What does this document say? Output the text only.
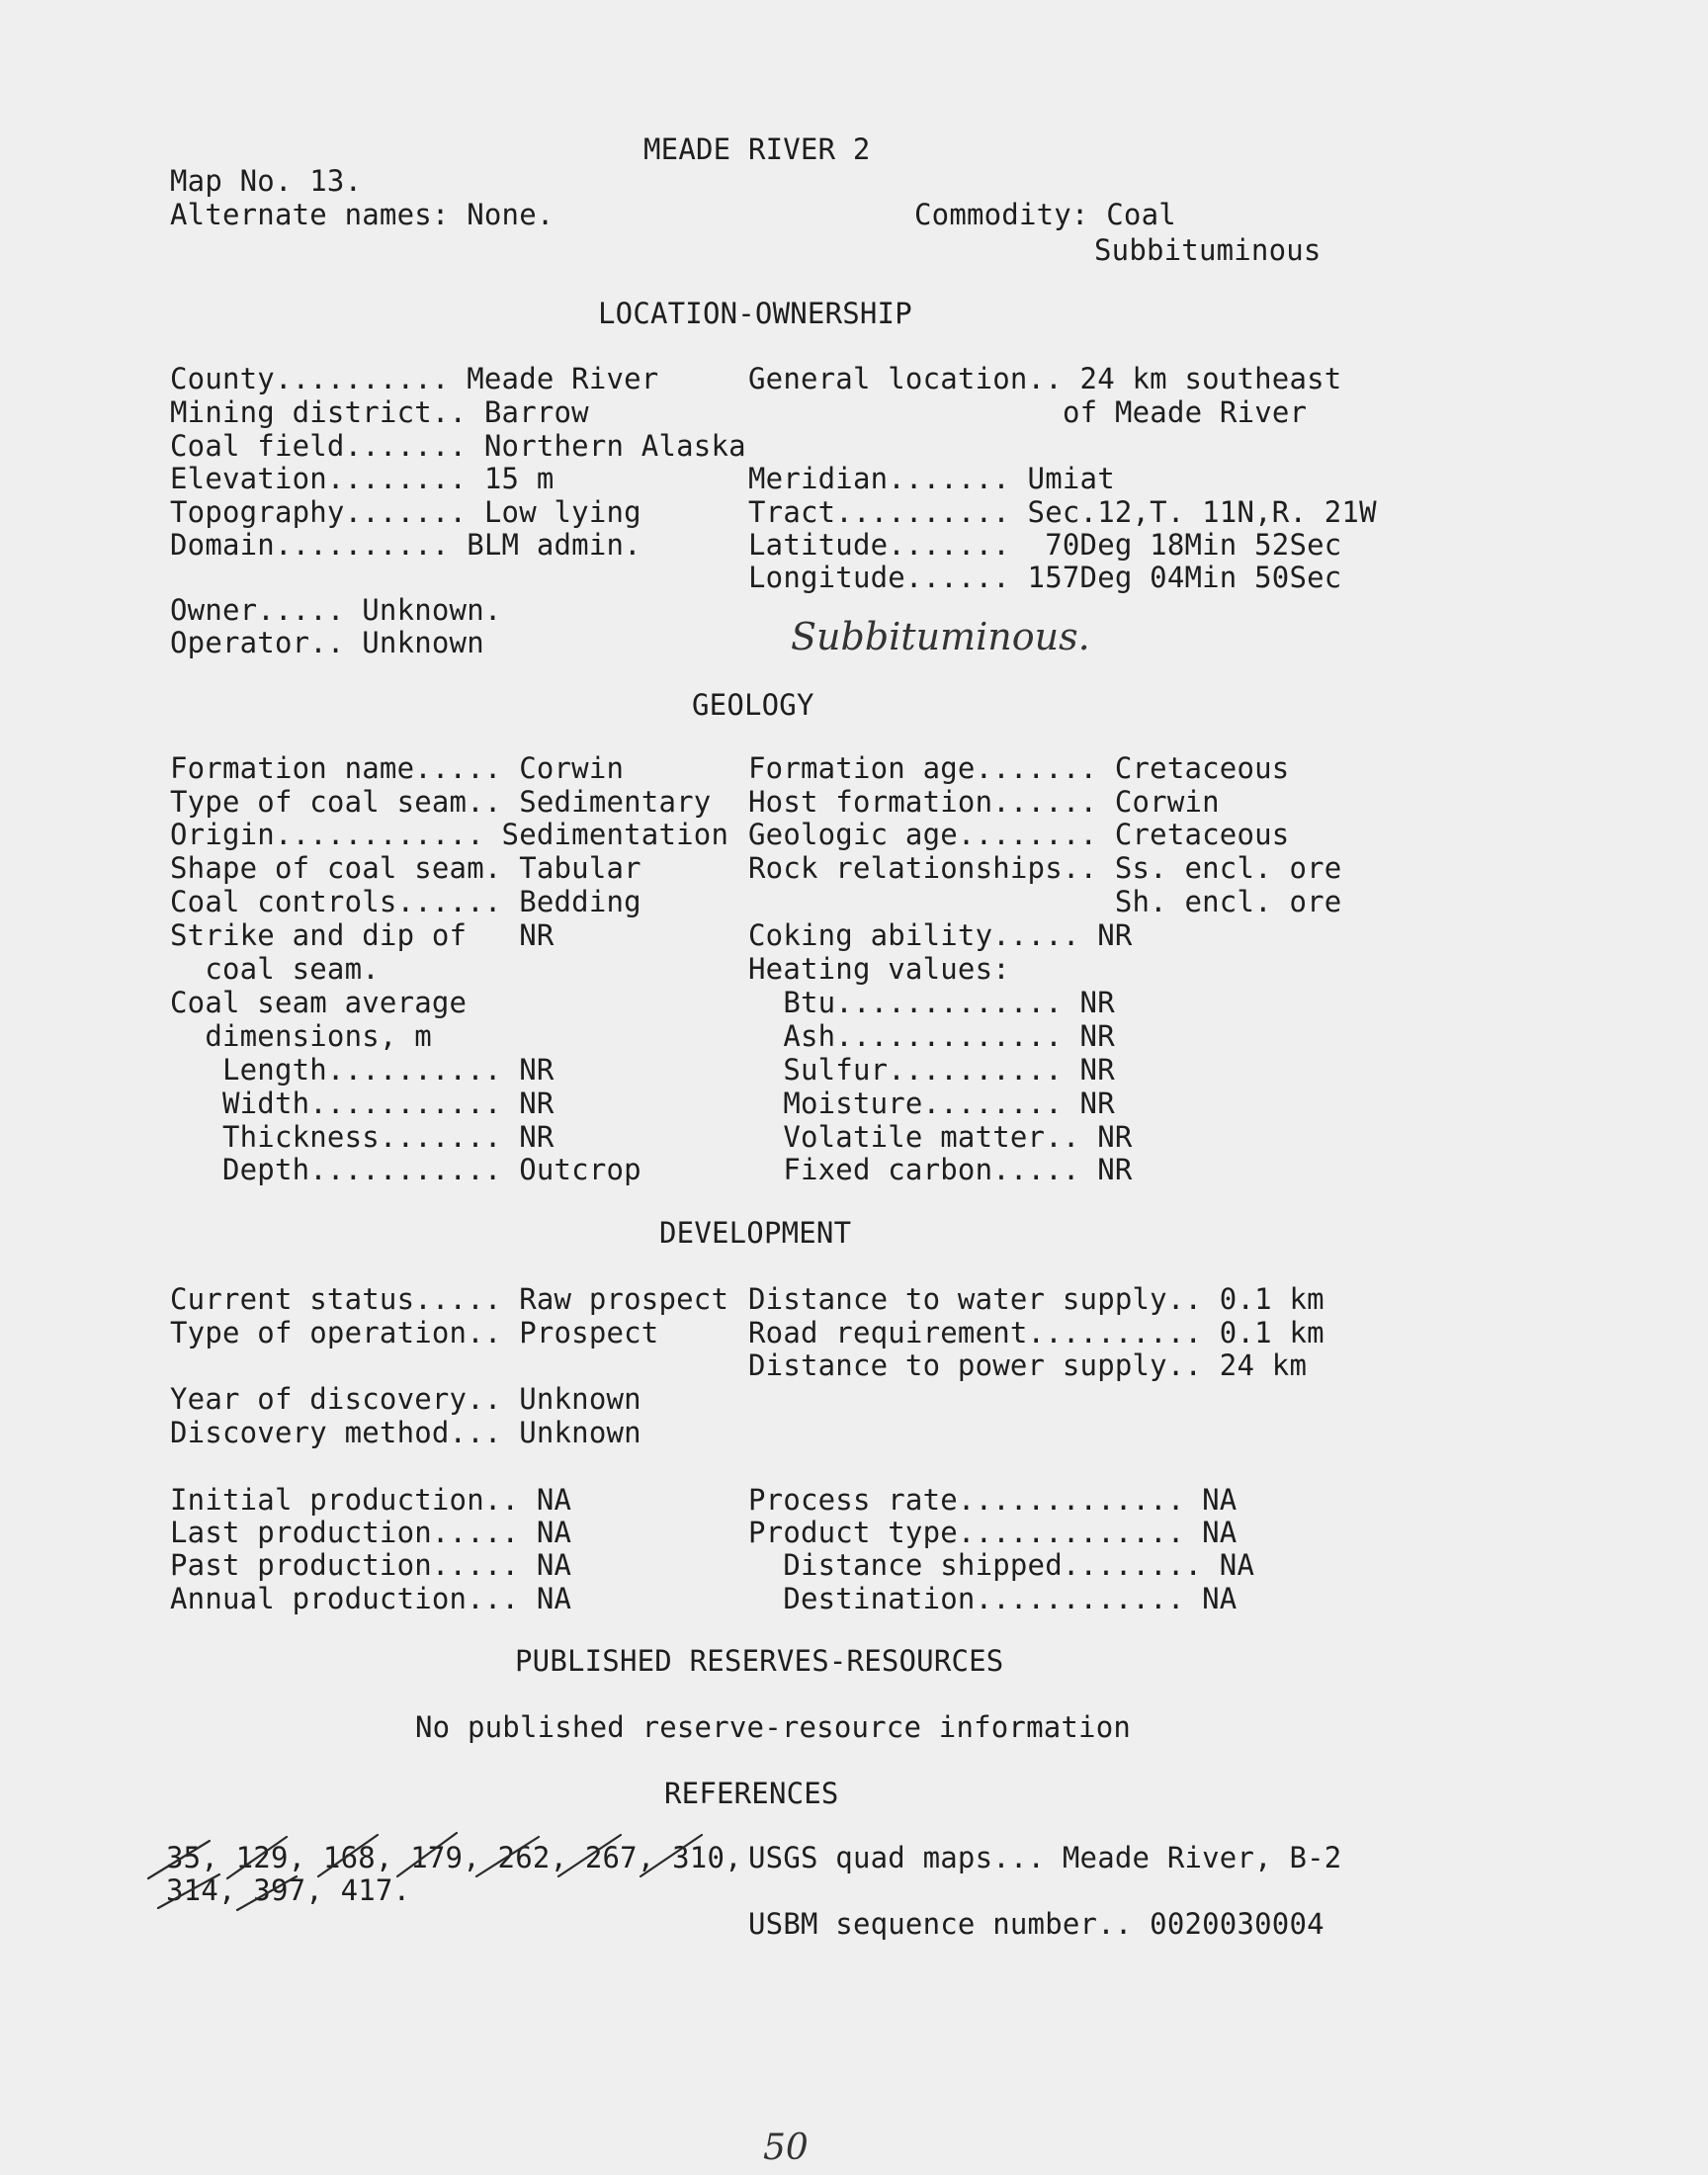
MEADE RIVER 2
Map No. 13.
Alternate names: None.	Commodity: Coal
Subbituminous
LOCATION-OWNERSHIP
County.......... Meade River
Mining district.. Barrow
Coal field....... Northern Alaska
Elevation........ 15 m
Topography....... Low lying
Domain.......... BLM admin.
General location.. 24 km southeast
of Meade River
Meridian....... Umiat
Tract.......... Sec.12,T. 11N,R. 21W
Latitude.......  70Deg 18Min 52Sec
Longitude...... 157Deg 04Min 50Sec
Owner..... Unknown.
Operator.. Unknown	Subbituminous.
GEOLOGY
DEVELOPMENT
Current status..... Raw prospect
Type of operation.. Prospect
Year of discovery.. Unknown
Discovery method... Unknown
Distance to water supply.. 0.1 km
Road requirement.......... 0.1 km
Distance to power supply.. 24 km
Initial production.. NA
Last production..... NA
Past production..... NA
Annual production... NA
Process rate............. NA
Product type............. NA
Distance shipped........ NA
Destination............ NA
PUBLISHED RESERVES-RESOURCES
No published reserve-resource information
REFERENCES
35, 129, 168, 179, 262, 267, 310,
314, 397, 417.
USGS quad maps... Meade River, B-2
USBM sequence number.. 0020030004
50
Formation name..... Corwin
Type of coal seam.. Sedimentary
Origin............ Sedimentation
Shape of coal seam. Tabular
Coal controls...... Bedding
Strike and dip of   NR
coal seam.
Coal seam average
dimensions, m
Length.......... NR
Width........... NR
Thickness....... NR
Depth........... Outcrop
Formation age....... Cretaceous
Host formation...... Corwin
Geologic age........ Cretaceous
Rock relationships.. Ss. encl. ore
Sh. encl. ore
Coking ability..... NR
Heating values:
Btu............. NR
Ash............. NR
Sulfur.......... NR
Moisture........ NR
Volatile matter.. NR
Fixed carbon..... NR
